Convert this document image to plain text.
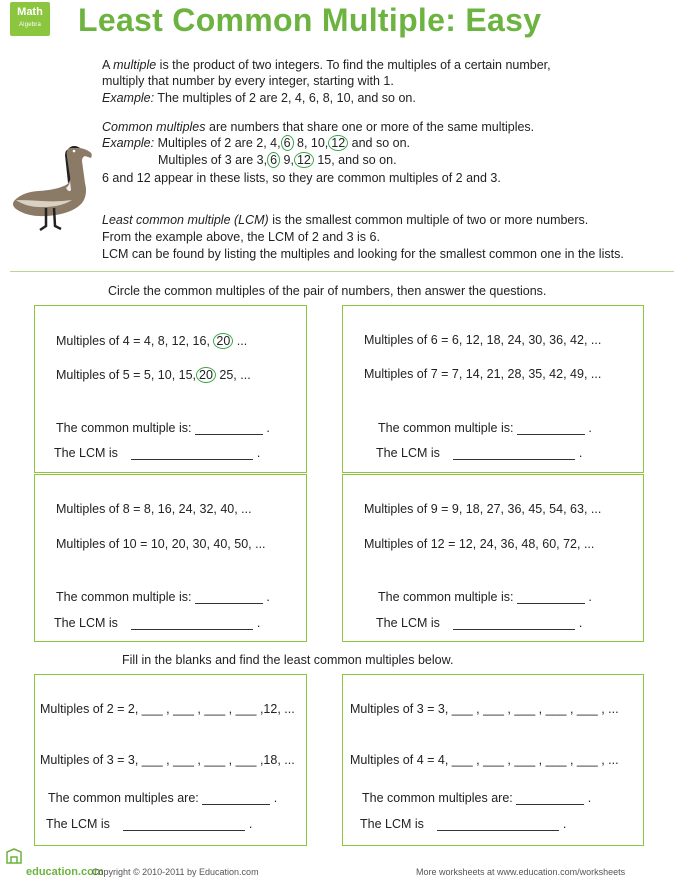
Math
Algebra Least Common Multiple: Easy
A multiple is the product of two integers. To find the multiples of a certain number,
multiply that number by every integer, starting with 1.
Example: The multiples of 2 are 2, 4, 6, 8, 10, and so on.
Common multiples are numbers that share one or more of the same multiples.
Example: Multiples of 2 are 2, 4, 6 8, 10, 12 and so on.
Multiples of 3 are 3, 6 9, 12 15, and so on.
6 and 12 appear in these lists, so they are common multiples of 2 and 3.
Least common multiple (LCM) is the smallest common multiple of two or more numbers.
From the example above, the LCM of 2 and 3 is 6.
LCM can be found by listing the multiples and looking for the smallest common one in the lists.
Circle the common multiples of the pair of numbers, then answer the questions.
Multiples of 4 = 4, 8, 12, 16, 20 ...
Multiples of 5 = 5, 10, 15, 20 25, ...
The common multiple is:	.
The LCM is	.
Multiples of 6 = 6, 12, 18, 24, 30, 36, 42, ...
Multiples of 7 = 7, 14, 21, 28, 35, 42, 49, ...
The common multiple is:	.
The LCM is	.
Multiples of 8 = 8, 16, 24, 32, 40, ...
Multiples of 10 = 10, 20, 30, 40, 50, ...
The common multiple is:	.
The LCM is	.
Multiples of 9 = 9, 18, 27, 36, 45, 54, 63, ...
Multiples of 12 = 12, 24, 36, 48, 60, 72, ...
The common multiple is:	.
The LCM is	.
Fill in the blanks and find the least common multiples below.
Multiples of 2 = 2, ___ , ___ , ___ , ___ ,12, ...
Multiples of 3 = 3, ___ , ___ , ___ , ___ ,18, ...
The common multiples are:	.
The LCM is	.
Multiples of 3 = 3, ___ , ___ , ___ , ___ , ___ , ...
Multiples of 4 = 4, ___ , ___ , ___ , ___ , ___ , ...
The common multiples are:	.
The LCM is	.
education.com
Copyright © 2010-2011 by Education.com	More worksheets at www.education.com/worksheets
